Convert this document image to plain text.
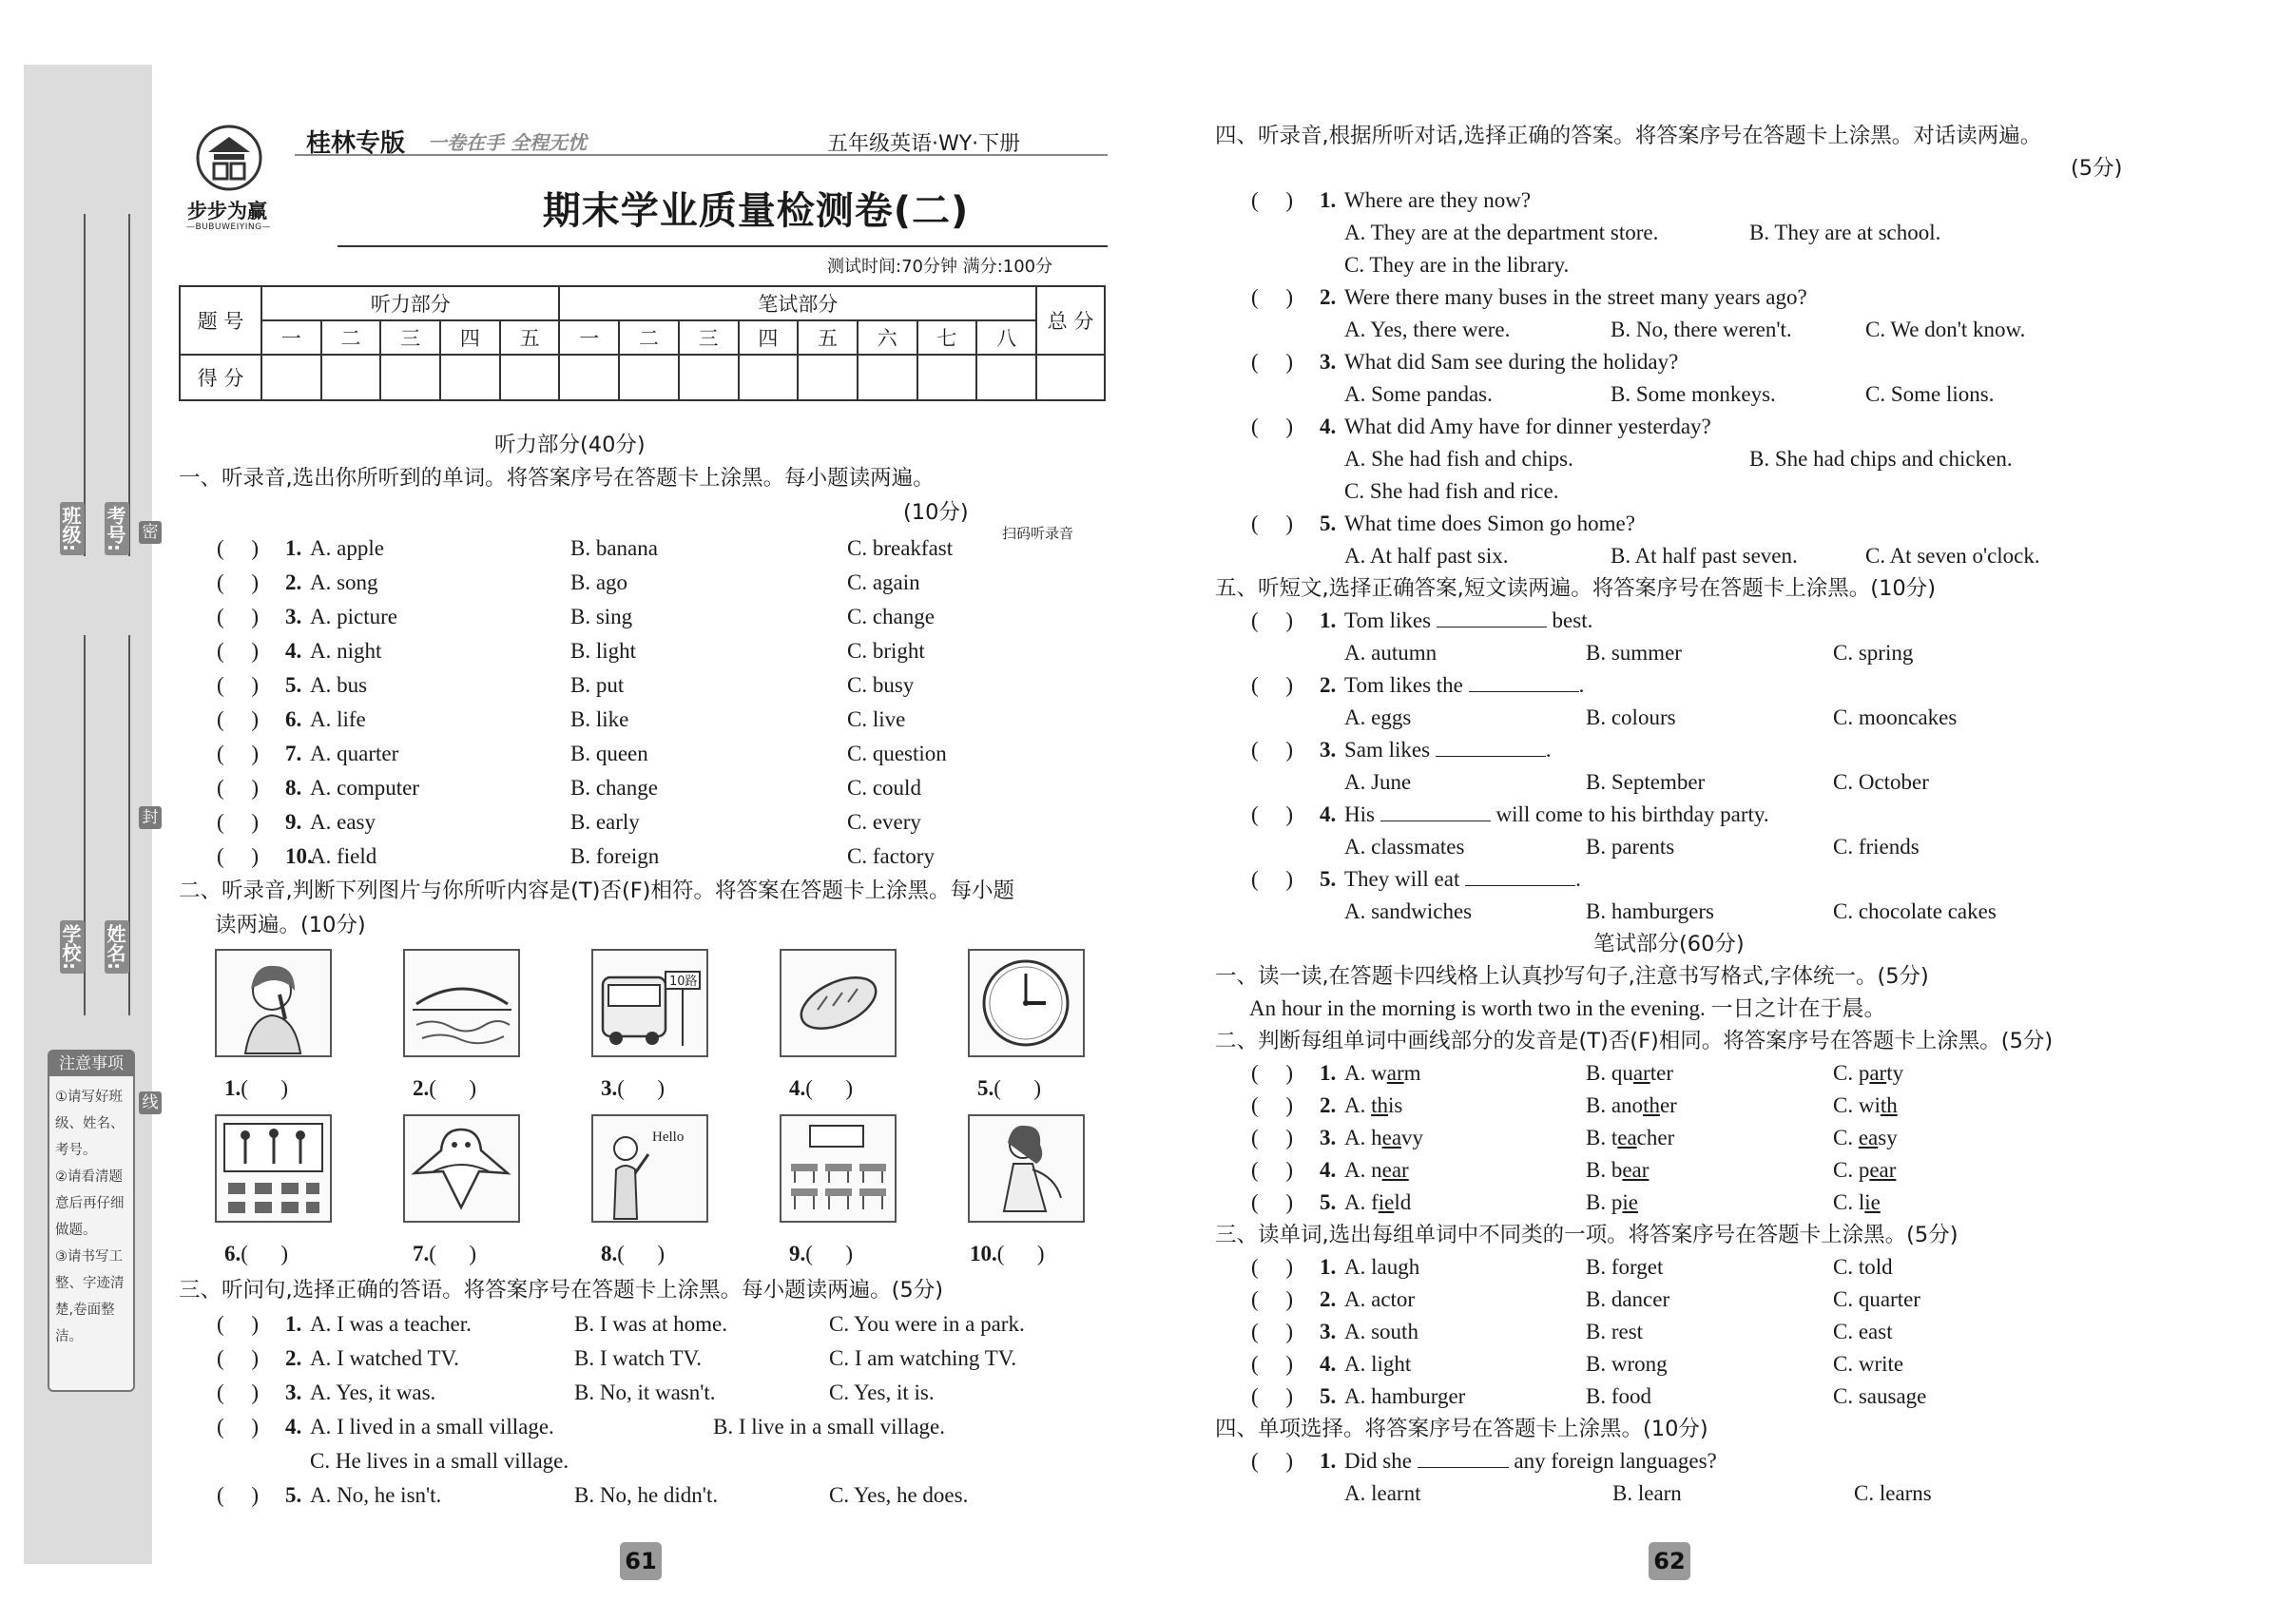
班级: 考号: 密
封
学校: 姓名:
线
注意事项
①请写好班
级、姓名、
考号。
②请看清题
意后再仔细
做题。
③请书写工
整、字迹清
楚,卷面整
洁。
步步为赢
—BUBUWEIYING—
桂林专版 一卷在手 全程无忧	五年级英语·WY·下册
期末学业质量检测卷(二)
测试时间:70分钟 满分:100分
题 号	听力部分					笔试部分								总 分
	一	二	三	四	五	一	二	三	四	五	六	七	八	
得 分														
听力部分(40分)
一、听录音,选出你所听到的单词。将答案序号在答题卡上涂黑。每小题读两遍。
(10分)
扫码听录音
(     ) 1. A. apple	B. banana	C. breakfast
(     ) 2. A. song	B. ago	C. again
(     ) 3. A. picture	B. sing	C. change
(     ) 4. A. night	B. light	C. bright
(     ) 5. A. bus	B. put	C. busy
(     ) 6. A. life	B. like	C. live
(     ) 7. A. quarter	B. queen	C. question
(     ) 8. A. computer	B. change	C. could
(     ) 9. A. easy	B. early	C. every
(     ) 10.
A. field	B. foreign	C. factory
二、听录音,判断下列图片与你所听内容是(T)否(F)相符。将答案在答题卡上涂黑。每小题
读两遍。(10分)
10路
1.(      )	2.(      )	3.(      )	4.(      )	5.(      )
Hello
6.(      )	7.(      )	8.(      )	9.(      )	10.(      )
三、听问句,选择正确的答语。将答案序号在答题卡上涂黑。每小题读两遍。(5分)
(     ) 1. A. I was a teacher.	B. I was at home.	C. You were in a park.
(     ) 2. A. I watched TV.	B. I watch TV.	C. I am watching TV.
(     ) 3. A. Yes, it was.	B. No, it wasn't.	C. Yes, it is.
(     ) 4. A. I lived in a small village.	B. I live in a small village.
C. He lives in a small village.
(     ) 5. A. No, he isn't.	B. No, he didn't.	C. Yes, he does.
61
四、听录音,根据所听对话,选择正确的答案。将答案序号在答题卡上涂黑。对话读两遍。
(5分)
(     ) 1. Where are they now?
A. They are at the department store.	B. They are at school.
C. They are in the library.
(     ) 2. Were there many buses in the street many years ago?
A. Yes, there were.	B. No, there weren't.	C. We don't know.
(     ) 3. What did Sam see during the holiday?
A. Some pandas.	B. Some monkeys.	C. Some lions.
(     ) 4. What did Amy have for dinner yesterday?
A. She had fish and chips.	B. She had chips and chicken.
C. She had fish and rice.
(     ) 5. What time does Simon go home?
A. At half past six.	B. At half past seven.	C. At seven o'clock.
五、听短文,选择正确答案,短文读两遍。将答案序号在答题卡上涂黑。(10分)
(     ) 1. Tom likes	best.
A. autumn	B. summer	C. spring
(     ) 2. Tom likes the	.
A. eggs	B. colours	C. mooncakes
(     ) 3. Sam likes	.
A. June	B. September	C. October
(     ) 4. His	will come to his birthday party.
A. classmates	B. parents	C. friends
(     ) 5. They will eat	.
A. sandwiches	B. hamburgers	C. chocolate cakes
笔试部分(60分)
一、读一读,在答题卡四线格上认真抄写句子,注意书写格式,字体统一。(5分)
An hour in the morning is worth two in the evening. 一日之计在于晨。
二、判断每组单词中画线部分的发音是(T)否(F)相同。将答案序号在答题卡上涂黑。(5分)
(     ) 1. A. warm	B. quarter	C. party
(     ) 2. A. this	B. another	C. with
(     ) 3. A. heavy	B. teacher	C. easy
(     ) 4. A. near	B. bear	C. pear
(     ) 5. A. field	B. pie	C. lie
三、读单词,选出每组单词中不同类的一项。将答案序号在答题卡上涂黑。(5分)
(     ) 1. A. laugh	B. forget	C. told
(     ) 2. A. actor	B. dancer	C. quarter
(     ) 3. A. south	B. rest	C. east
(     ) 4. A. light	B. wrong	C. write
(     ) 5. A. hamburger	B. food	C. sausage
四、单项选择。将答案序号在答题卡上涂黑。(10分)
(     ) 1. Did she	any foreign languages?
A. learnt	B. learn	C. learns
62
